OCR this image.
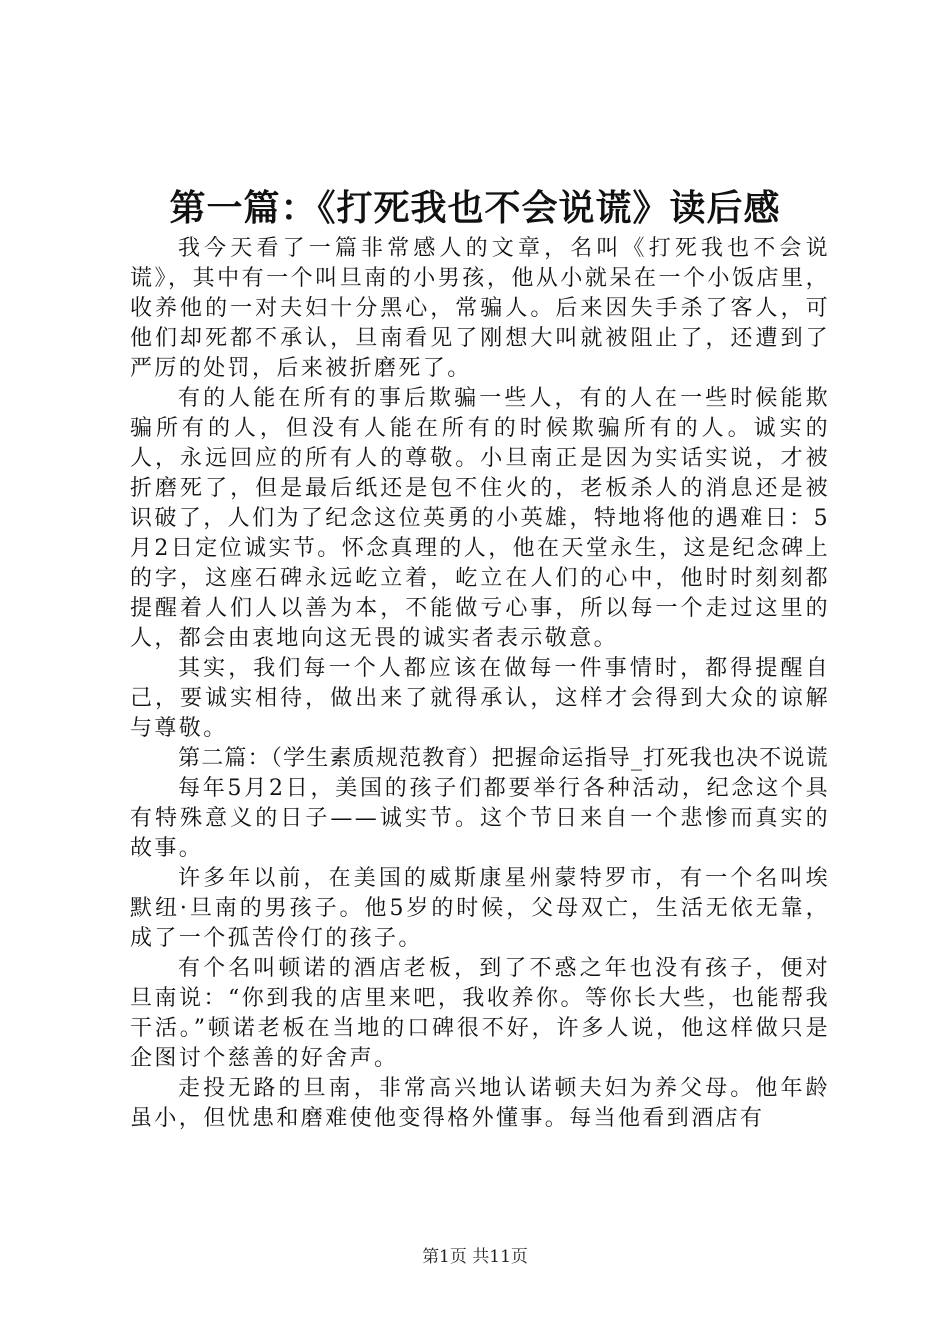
第一篇：《打死我也不会说谎》读后感

我今天看了一篇非常感人的文章，名叫《打死我也不会说谎》，其中有一个叫旦南的小男孩，他从小就呆在一个小饭店里，收养他的一对夫妇十分黑心，常骗人。后来因失手杀了客人，可他们却死都不承认，旦南看见了刚想大叫就被阻止了，还遭到了严厉的处罚，后来被折磨死了。

有的人能在所有的事后欺骗一些人，有的人在一些时候能欺骗所有的人，但没有人能在所有的时候欺骗所有的人。诚实的人，永远回应的所有人的尊敬。小旦南正是因为实话实说，才被折磨死了，但是最后纸还是包不住火的，老板杀人的消息还是被识破了，人们为了纪念这位英勇的小英雄，特地将他的遇难日：5月2日定位诚实节。怀念真理的人，他在天堂永生，这是纪念碑上的字，这座石碑永远屹立着，屹立在人们的心中，他时时刻刻都提醒着人们人以善为本，不能做亏心事，所以每一个走过这里的人，都会由衷地向这无畏的诚实者表示敬意。

其实，我们每一个人都应该在做每一件事情时，都得提醒自己，要诚实相待，做出来了就得承认，这样才会得到大众的谅解与尊敬。

第二篇：（学生素质规范教育）把握命运指导_打死我也决不说谎

每年5月2日，美国的孩子们都要举行各种活动，纪念这个具有特殊意义的日子——诚实节。这个节日来自一个悲惨而真实的故事。

许多年以前，在美国的威斯康星州蒙特罗市，有一个名叫埃默纽·旦南的男孩子。他5岁的时候，父母双亡，生活无依无靠，成了一个孤苦伶仃的孩子。

有个名叫顿诺的酒店老板，到了不惑之年也没有孩子，便对旦南说：“你到我的店里来吧，我收养你。等你长大些，也能帮我干活。”顿诺老板在当地的口碑很不好，许多人说，他这样做只是企图讨个慈善的好舍声。

走投无路的旦南，非常高兴地认诺顿夫妇为养父母。他年龄虽小，但忧患和磨难使他变得格外懂事。每当他看到酒店有

第1页 共11页
